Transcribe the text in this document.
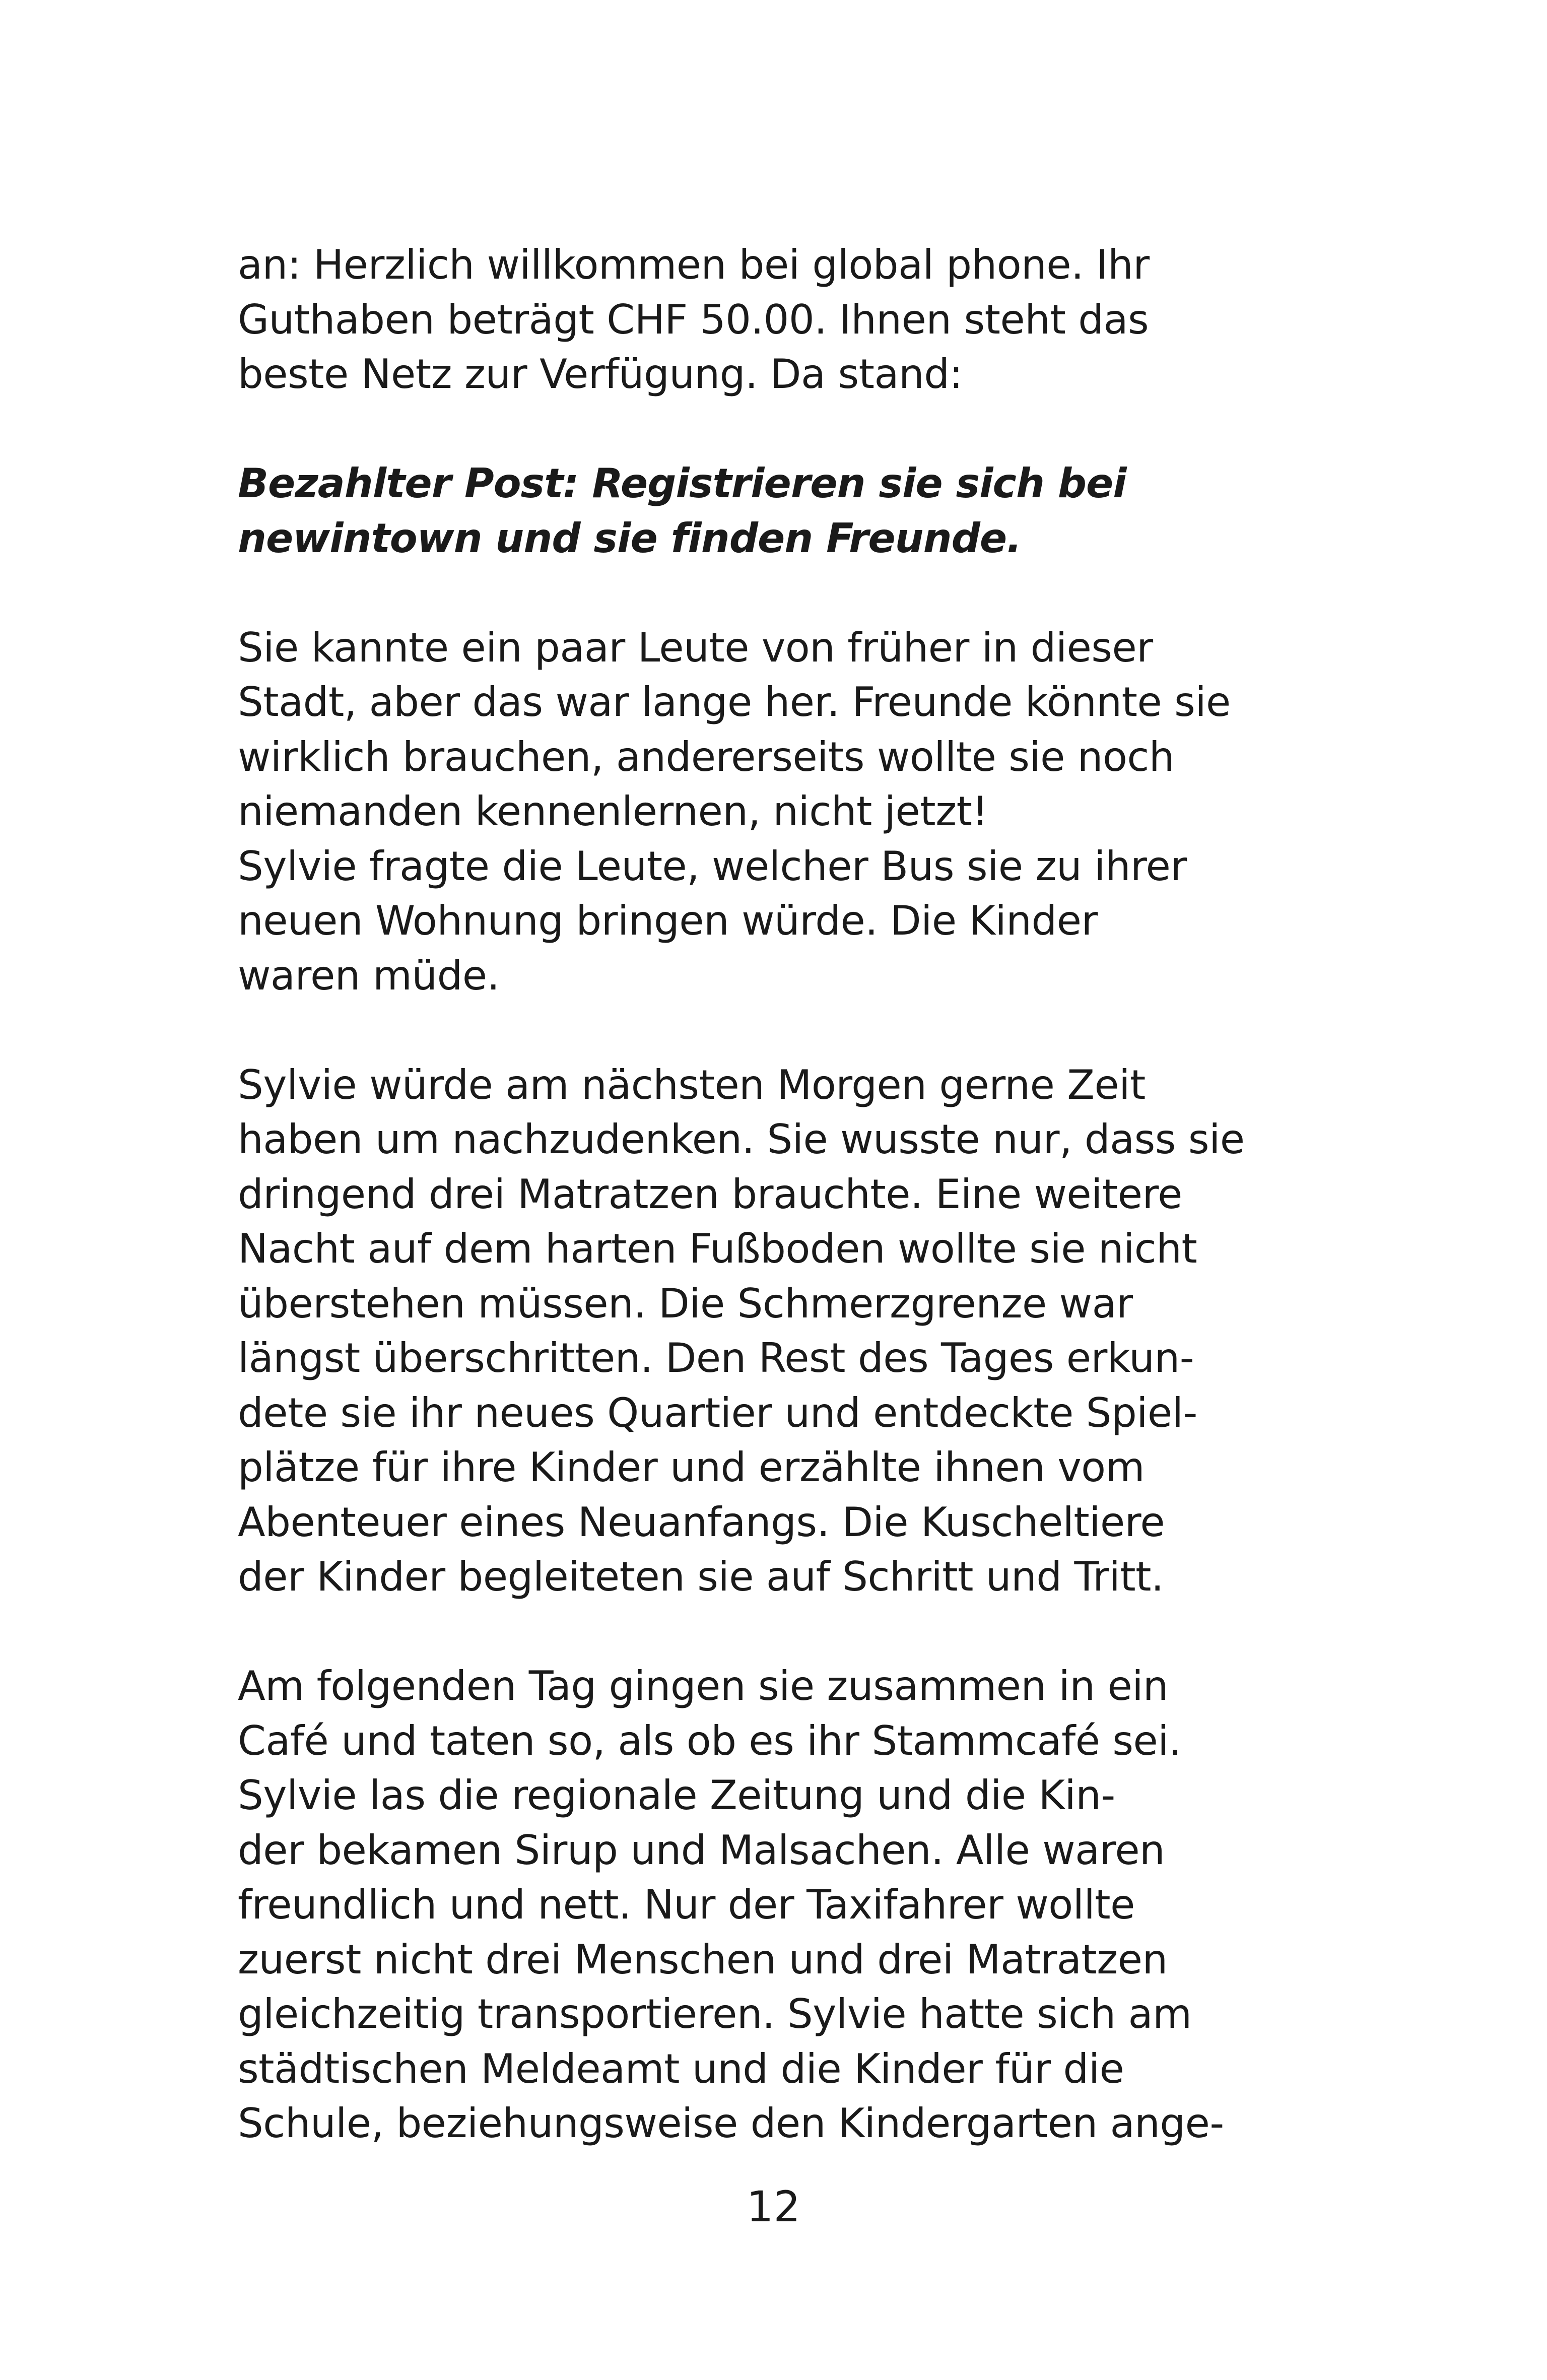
an: Herzlich willkommen bei global phone. Ihr
Guthaben beträgt CHF 50.00. Ihnen steht das
beste Netz zur Verfügung. Da stand:

Bezahlter Post: Registrieren sie sich bei
newintown und sie finden Freunde.

Sie kannte ein paar Leute von früher in dieser
Stadt, aber das war lange her. Freunde könnte sie
wirklich brauchen, andererseits wollte sie noch
niemanden kennenlernen, nicht jetzt!
Sylvie fragte die Leute, welcher Bus sie zu ihrer
neuen Wohnung bringen würde. Die Kinder
waren müde.

Sylvie würde am nächsten Morgen gerne Zeit
haben um nachzudenken. Sie wusste nur, dass sie
dringend drei Matratzen brauchte. Eine weitere
Nacht auf dem harten Fußboden wollte sie nicht
überstehen müssen. Die Schmerzgrenze war
längst überschritten. Den Rest des Tages erkun-
dete sie ihr neues Quartier und entdeckte Spiel-
plätze für ihre Kinder und erzählte ihnen vom
Abenteuer eines Neuanfangs. Die Kuscheltiere
der Kinder begleiteten sie auf Schritt und Tritt.

Am folgenden Tag gingen sie zusammen in ein
Café und taten so, als ob es ihr Stammcafé sei.
Sylvie las die regionale Zeitung und die Kin-
der bekamen Sirup und Malsachen. Alle waren
freundlich und nett. Nur der Taxifahrer wollte
zuerst nicht drei Menschen und drei Matratzen
gleichzeitig transportieren. Sylvie hatte sich am
städtischen Meldeamt und die Kinder für die
Schule, beziehungsweise den Kindergarten ange-

12
